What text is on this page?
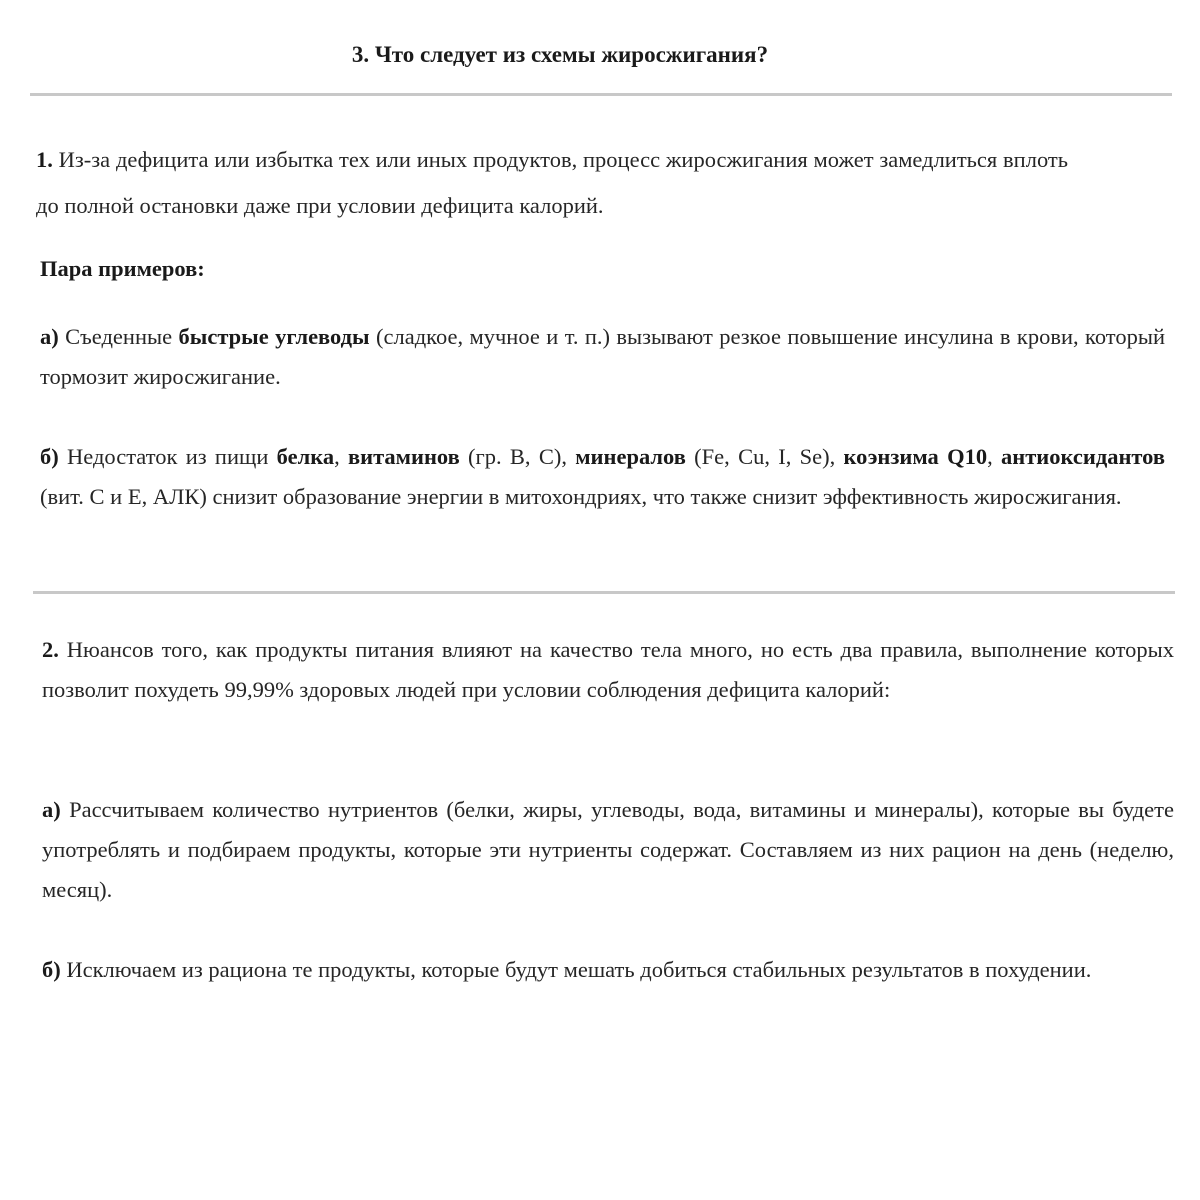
3. Что следует из схемы жиросжигания?
1. Из-за дефицита или избытка тех или иных продуктов, процесс жиросжигания может замедлиться вплоть до полной остановки даже при условии дефицита калорий.
Пара примеров:
а) Съеденные быстрые углеводы (сладкое, мучное и т. п.) вызывают резкое повышение инсулина в крови, который тормозит жиросжигание.
б) Недостаток из пищи белка, витаминов (гр. B, C), минералов (Fe, Cu, I, Se), коэнзима Q10, антиоксидантов (вит. C и E, АЛК) снизит образование энергии в митохондриях, что также снизит эффективность жиросжигания.
2. Нюансов того, как продукты питания влияют на качество тела много, но есть два правила, выполнение которых позволит похудеть 99,99% здоровых людей при условии соблюдения дефицита калорий:
а) Рассчитываем количество нутриентов (белки, жиры, углеводы, вода, витамины и минералы), которые вы будете употреблять и подбираем продукты, которые эти нутриенты содержат. Составляем из них рацион на день (неделю, месяц).
б) Исключаем из рациона те продукты, которые будут мешать добиться стабильных результатов в похудении.
